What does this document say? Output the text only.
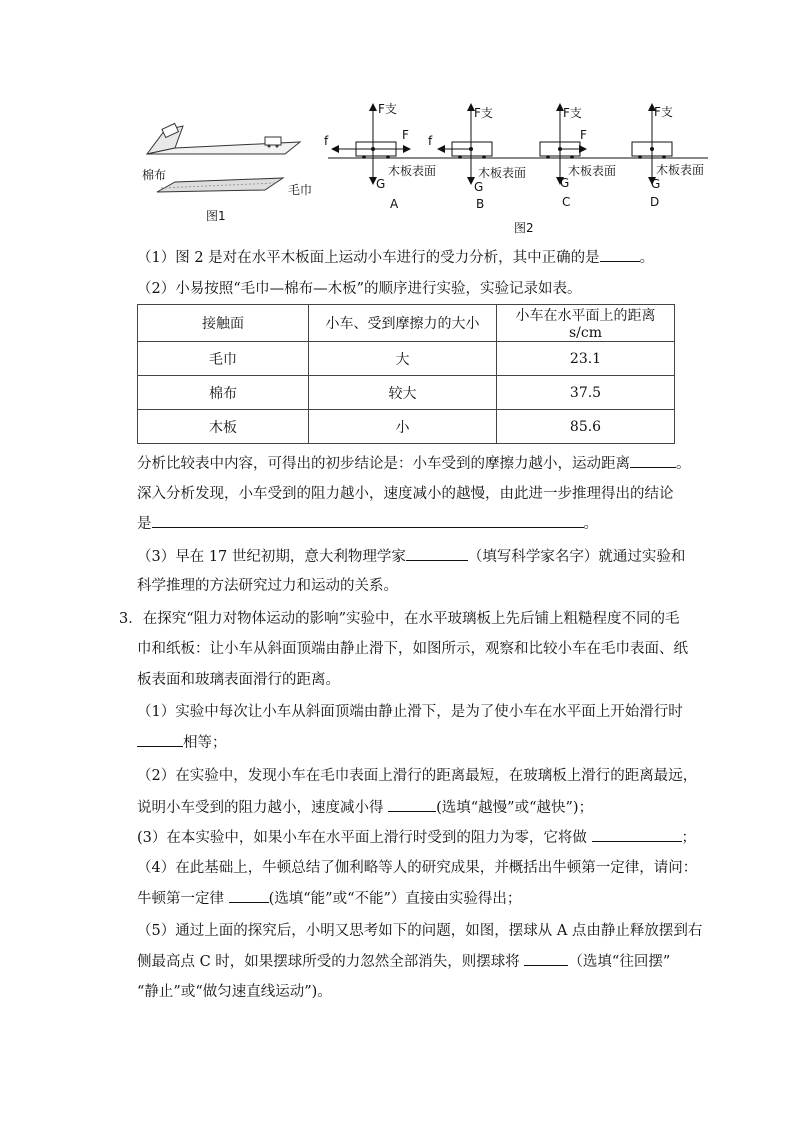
棉布
毛巾
图1
F支
F
f
G
木板表面
A
F支
f
G
木板表面
B
F支
F
G
木板表面
C
F支
G
木板表面
D
图2
（1）图 2 是对在水平木板面上运动小车进行的受力分析，其中正确的是	。
（2）小易按照“毛巾—棉布—木板”的顺序进行实验，实验记录如表。
接触面	小车、受到摩擦力的大小	小车在水平面上的距离 s/cm
毛巾	大	23.1
棉布	较大	37.5
木板	小	85.6
分析比较表中内容，可得出的初步结论是：小车受到的摩擦力越小，运动距离	。
深入分析发现，小车受到的阻力越小，速度减小的越慢，由此进一步推理得出的结论
是	。
（3）早在 17 世纪初期，意大利物理学家	（填写科学家名字）就通过实验和
科学推理的方法研究过力和运动的关系。
3．在探究“阻力对物体运动的影响”实验中，在水平玻璃板上先后铺上粗糙程度不同的毛
巾和纸板：让小车从斜面顶端由静止滑下，如图所示，观察和比较小车在毛巾表面、纸
板表面和玻璃表面滑行的距离。
（1）实验中每次让小车从斜面顶端由静止滑下，是为了使小车在水平面上开始滑行时
相等；
（2）在实验中，发现小车在毛巾表面上滑行的距离最短，在玻璃板上滑行的距离最远，
说明小车受到的阻力越小，速度减小得	(选填“越慢”或“越快”)；
(3）在本实验中，如果小车在水平面上滑行时受到的阻力为零，它将做	；
（4）在此基础上，牛顿总结了伽利略等人的研究成果，并概括出牛顿第一定律，请问：
牛顿第一定律	(选填“能”或“不能”）直接由实验得出；
（5）通过上面的探究后，小明又思考如下的问题，如图，摆球从 A 点由静止释放摆到右
侧最高点 C 时，如果摆球所受的力忽然全部消失，则摆球将	（选填“往回摆”
“静止”或“做匀速直线运动”)。
